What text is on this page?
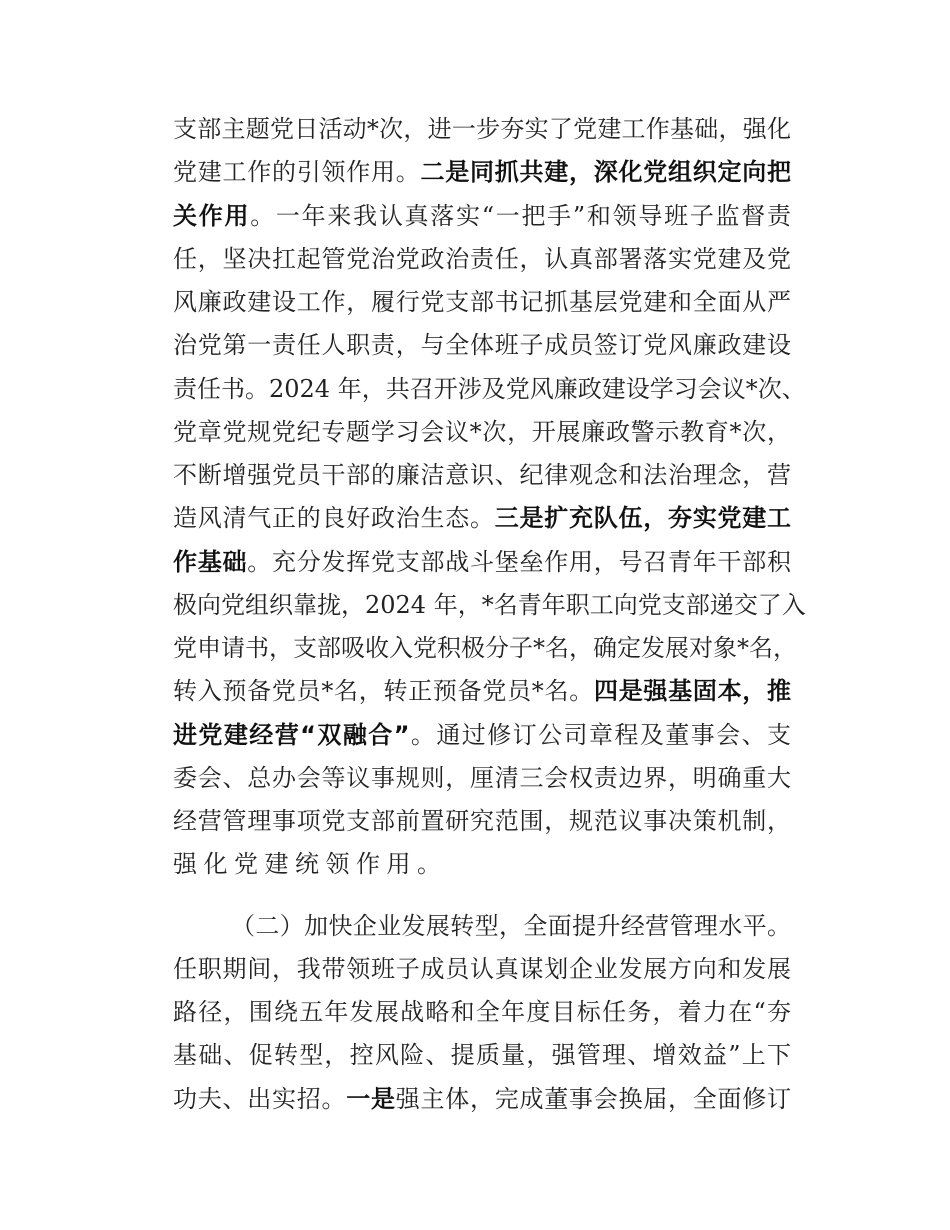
支部主题党日活动*次，进一步夯实了党建工作基础，强化
党建工作的引领作用。二是同抓共建，深化党组织定向把
关作用。一年来我认真落实“一把手”和领导班子监督责
任，坚决扛起管党治党政治责任，认真部署落实党建及党
风廉政建设工作，履行党支部书记抓基层党建和全面从严
治党第一责任人职责，与全体班子成员签订党风廉政建设
责任书。2024 年，共召开涉及党风廉政建设学习会议*次、
党章党规党纪专题学习会议*次，开展廉政警示教育*次，
不断增强党员干部的廉洁意识、纪律观念和法治理念，营
造风清气正的良好政治生态。三是扩充队伍，夯实党建工
作基础。充分发挥党支部战斗堡垒作用，号召青年干部积
极向党组织靠拢，2024 年，*名青年职工向党支部递交了入
党申请书，支部吸收入党积极分子*名，确定发展对象*名，
转入预备党员*名，转正预备党员*名。四是强基固本，推
进党建经营“双融合”。通过修订公司章程及董事会、支
委会、总办会等议事规则，厘清三会权责边界，明确重大
经营管理事项党支部前置研究范围，规范议事决策机制，
强化党建统领作用。
（二）加快企业发展转型，全面提升经营管理水平。
任职期间，我带领班子成员认真谋划企业发展方向和发展
路径，围绕五年发展战略和全年度目标任务，着力在“夯
基础、促转型，控风险、提质量，强管理、增效益”上下
功夫、出实招。一是强主体，完成董事会换届，全面修订
